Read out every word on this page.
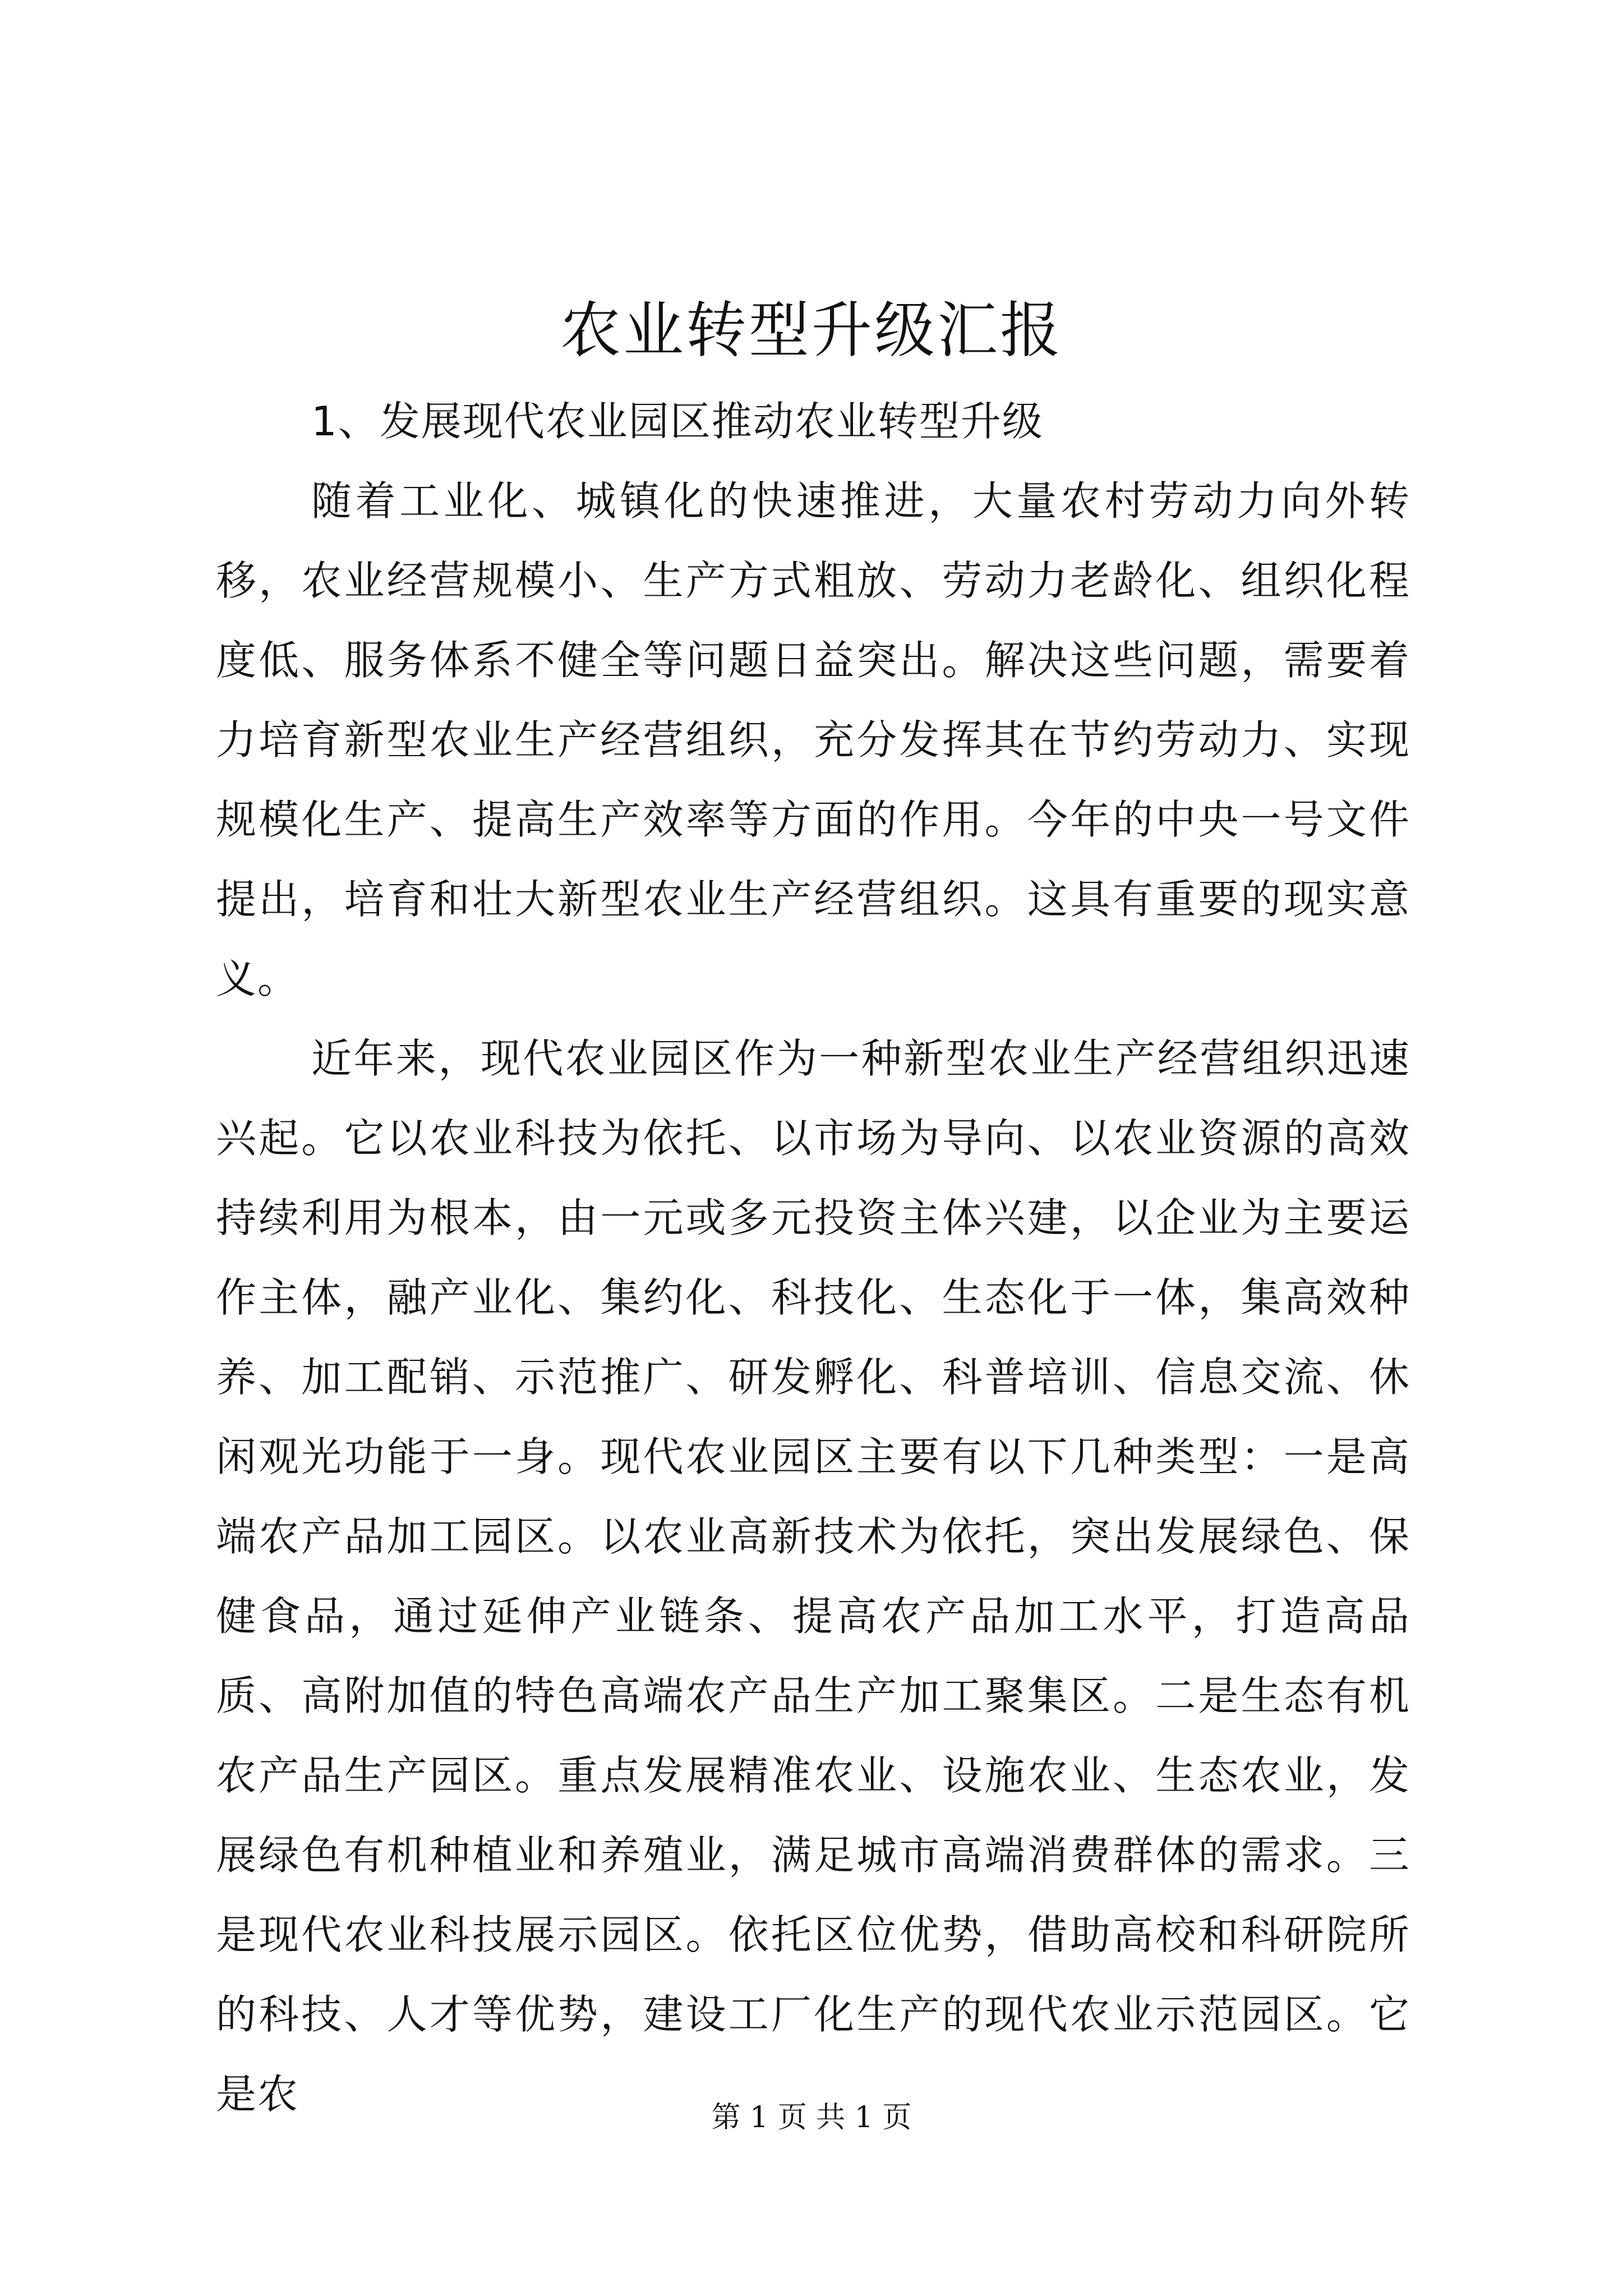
农业转型升级汇报

1、发展现代农业园区推动农业转型升级

随着工业化、城镇化的快速推进，大量农村劳动力向外转移，农业经营规模小、生产方式粗放、劳动力老龄化、组织化程度低、服务体系不健全等问题日益突出。解决这些问题，需要着力培育新型农业生产经营组织，充分发挥其在节约劳动力、实现规模化生产、提高生产效率等方面的作用。今年的中央一号文件提出，培育和壮大新型农业生产经营组织。这具有重要的现实意义。

近年来，现代农业园区作为一种新型农业生产经营组织迅速兴起。它以农业科技为依托、以市场为导向、以农业资源的高效持续利用为根本，由一元或多元投资主体兴建，以企业为主要运作主体，融产业化、集约化、科技化、生态化于一体，集高效种养、加工配销、示范推广、研发孵化、科普培训、信息交流、休闲观光功能于一身。现代农业园区主要有以下几种类型：一是高端农产品加工园区。以农业高新技术为依托，突出发展绿色、保健食品，通过延伸产业链条、提高农产品加工水平，打造高品质、高附加值的特色高端农产品生产加工聚集区。二是生态有机农产品生产园区。重点发展精准农业、设施农业、生态农业，发展绿色有机种植业和养殖业，满足城市高端消费群体的需求。三是现代农业科技展示园区。依托区位优势，借助高校和科研院所的科技、人才等优势，建设工厂化生产的现代农业示范园区。它是农	第 1 页 共 1 页
